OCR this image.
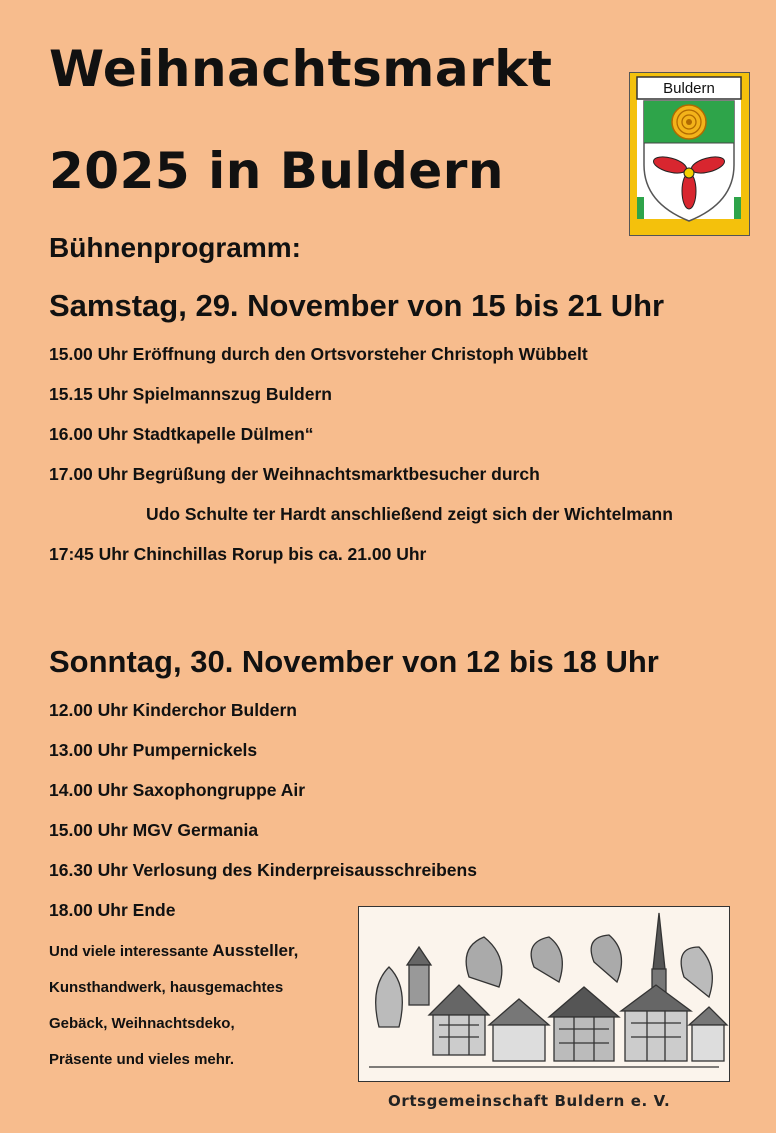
Weihnachtsmarkt
2025 in Buldern
Buldern
Bühnenprogramm:
Samstag, 29. November von 15 bis 21 Uhr
15.00 Uhr Eröffnung durch den Ortsvorsteher Christoph Wübbelt
15.15 Uhr Spielmannszug Buldern
16.00 Uhr Stadtkapelle Dülmen“
17.00 Uhr Begrüßung der Weihnachtsmarktbesucher durch
Udo Schulte ter Hardt anschließend zeigt sich der Wichtelmann
17:45 Uhr Chinchillas Rorup bis ca. 21.00 Uhr
Sonntag, 30. November von 12 bis 18 Uhr
12.00 Uhr Kinderchor Buldern
13.00 Uhr Pumpernickels
14.00 Uhr Saxophongruppe Air
15.00 Uhr MGV Germania
16.30 Uhr Verlosung des Kinderpreisausschreibens
18.00 Uhr Ende
Und viele interessante Aussteller,
Kunsthandwerk, hausgemachtes
Gebäck, Weihnachtsdeko,
Präsente und vieles mehr.
Ortsgemeinschaft Buldern e. V.
